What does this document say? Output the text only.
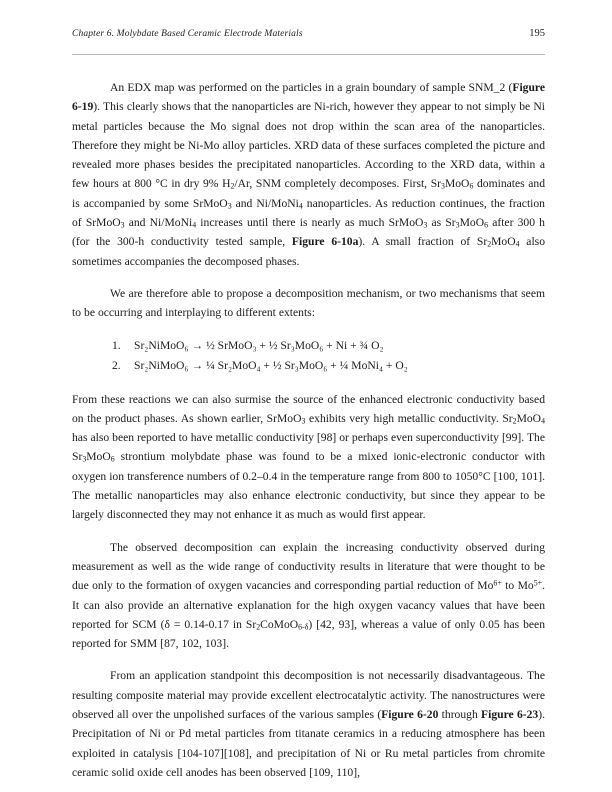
Chapter 6. Molybdate Based Ceramic Electrode Materials	195

An EDX map was performed on the particles in a grain boundary of sample SNM_2 (Figure 6-19). This clearly shows that the nanoparticles are Ni-rich, however they appear to not simply be Ni metal particles because the Mo signal does not drop within the scan area of the nanoparticles. Therefore they might be Ni-Mo alloy particles. XRD data of these surfaces completed the picture and revealed more phases besides the precipitated nanoparticles. According to the XRD data, within a few hours at 800 °C in dry 9% $H_2/Ar$, SNM completely decomposes. First, $Sr_3MoO_6$ dominates and is accompanied by some SrMoO$_3$ and Ni/MoNi$_4$ nanoparticles. As reduction continues, the fraction of SrMoO$_3$ and Ni/MoNi$_4$ increases until there is nearly as much SrMoO$_3$ as $Sr_3MoO_6$ after 300 h (for the 300-h conductivity tested sample, Figure 6-10a). A small fraction of $Sr_2MoO_4$ also sometimes accompanies the decomposed phases.

We are therefore able to propose a decomposition mechanism, or two mechanisms that seem to be occurring and interplaying to different extents:

1. Sr₂NiMoO₆ → ½ SrMoO₃ + ½ Sr₃MoO₆ + Ni + ¾ O₂
2. Sr₂NiMoO₆ → ¼ Sr₂MoO₄ + ½ Sr₃MoO₆ + ¼ MoNi₄ + O₂

From these reactions we can also surmise the source of the enhanced electronic conductivity based on the product phases. As shown earlier, SrMoO$_3$ exhibits very high metallic conductivity. $Sr_2MoO_4$ has also been reported to have metallic conductivity [98] or perhaps even superconductivity [99]. The $Sr_3MoO_6$ strontium molybdate phase was found to be a mixed ionic-electronic conductor with oxygen ion transference numbers of 0.2–0.4 in the temperature range from 800 to 1050°C [100, 101]. The metallic nanoparticles may also enhance electronic conductivity, but since they appear to be largely disconnected they may not enhance it as much as would first appear.

The observed decomposition can explain the increasing conductivity observed during measurement as well as the wide range of conductivity results in literature that were thought to be due only to the formation of oxygen vacancies and corresponding partial reduction of $Mo^{6+}$ to $Mo^{5+}$. It can also provide an alternative explanation for the high oxygen vacancy values that have been reported for SCM (δ = 0.14-0.17 in $Sr_2CoMoO_{6-\delta}$) [42, 93], whereas a value of only 0.05 has been reported for SMM [87, 102, 103].

From an application standpoint this decomposition is not necessarily disadvantageous. The resulting composite material may provide excellent electrocatalytic activity. The nanostructures were observed all over the unpolished surfaces of the various samples (Figure 6-20 through Figure 6-23). Precipitation of Ni or Pd metal particles from titanate ceramics in a reducing atmosphere has been exploited in catalysis [104-107][108], and precipitation of Ni or Ru metal particles from chromite ceramic solid oxide cell anodes has been observed [109, 110],
